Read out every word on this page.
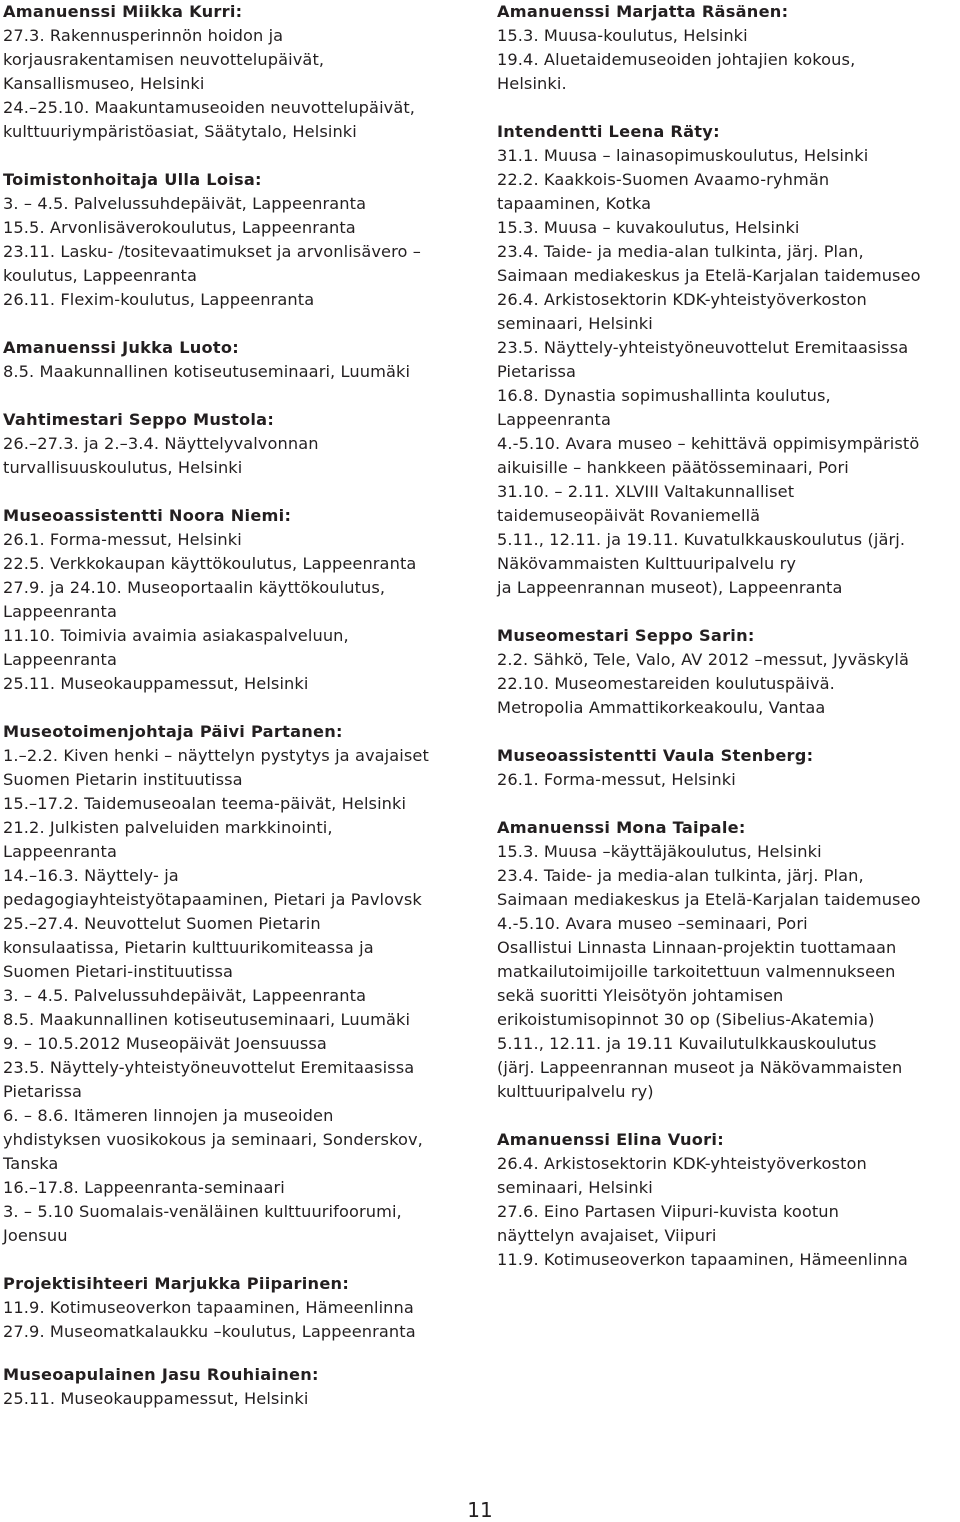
Amanuenssi Miikka Kurri:
27.3. Rakennusperinnön hoidon ja
korjausrakentamisen neuvottelupäivät,
Kansallismuseo, Helsinki
24.–25.10. Maakuntamuseoiden neuvottelupäivät,
kulttuuriympäristöasiat, Säätytalo, Helsinki
Toimistonhoitaja Ulla Loisa:
3. – 4.5. Palvelussuhdepäivät, Lappeenranta
15.5. Arvonlisäverokoulutus, Lappeenranta
23.11. Lasku- /tositevaatimukset ja arvonlisävero –
koulutus, Lappeenranta
26.11. Flexim-koulutus, Lappeenranta
Amanuenssi Jukka Luoto:
8.5. Maakunnallinen kotiseutuseminaari, Luumäki
Vahtimestari Seppo Mustola:
26.–27.3. ja 2.–3.4. Näyttelyvalvonnan
turvallisuuskoulutus, Helsinki
Museoassistentti Noora Niemi:
26.1. Forma-messut, Helsinki
22.5. Verkkokaupan käyttökoulutus, Lappeenranta
27.9. ja 24.10. Museoportaalin käyttökoulutus,
Lappeenranta
11.10. Toimivia avaimia asiakaspalveluun,
Lappeenranta
25.11. Museokauppamessut, Helsinki
Museotoimenjohtaja Päivi Partanen:
1.–2.2. Kiven henki – näyttelyn pystytys ja avajaiset
Suomen Pietarin instituutissa
15.–17.2. Taidemuseoalan teema-päivät, Helsinki
21.2. Julkisten palveluiden markkinointi,
Lappeenranta
14.–16.3. Näyttely- ja
pedagogiayhteistyötapaaminen, Pietari ja Pavlovsk
25.–27.4. Neuvottelut Suomen Pietarin
konsulaatissa, Pietarin kulttuurikomiteassa ja
Suomen Pietari-instituutissa
3. – 4.5. Palvelussuhdepäivät, Lappeenranta
8.5. Maakunnallinen kotiseutuseminaari, Luumäki
9. – 10.5.2012 Museopäivät Joensuussa
23.5. Näyttely-yhteistyöneuvottelut Eremitaasissa
Pietarissa
6. – 8.6. Itämeren linnojen ja museoiden
yhdistyksen vuosikokous ja seminaari, Sonderskov,
Tanska
16.–17.8. Lappeenranta-seminaari
3. – 5.10 Suomalais-venäläinen kulttuurifoorumi,
Joensuu
Projektisihteeri Marjukka Piiparinen:
11.9. Kotimuseoverkon tapaaminen, Hämeenlinna
27.9. Museomatkalaukku –koulutus, Lappeenranta
Amanuenssi Marjatta Räsänen:
15.3. Muusa-koulutus, Helsinki
19.4. Aluetaidemuseoiden johtajien kokous,
Helsinki.
Intendentti Leena Räty:
31.1. Muusa – lainasopimuskoulutus, Helsinki
22.2. Kaakkois-Suomen Avaamo-ryhmän
tapaaminen, Kotka
15.3. Muusa – kuvakoulutus, Helsinki
23.4. Taide- ja media-alan tulkinta, järj. Plan,
Saimaan mediakeskus ja Etelä-Karjalan taidemuseo
26.4. Arkistosektorin KDK-yhteistyöverkoston
seminaari, Helsinki
23.5. Näyttely-yhteistyöneuvottelut Eremitaasissa
Pietarissa
16.8. Dynastia sopimushallinta koulutus,
Lappeenranta
4.-5.10. Avara museo – kehittävä oppimisympäristö
aikuisille – hankkeen päätösseminaari, Pori
31.10. – 2.11. XLVIII Valtakunnalliset
taidemuseopäivät Rovaniemellä
5.11., 12.11. ja 19.11. Kuvatulkkauskoulutus (järj.
Näkövammaisten Kulttuuripalvelu ry
ja Lappeenrannan museot), Lappeenranta
Museomestari Seppo Sarin:
2.2. Sähkö, Tele, Valo, AV 2012 –messut, Jyväskylä
22.10. Museomestareiden koulutuspäivä.
Metropolia Ammattikorkeakoulu, Vantaa
Museoassistentti Vaula Stenberg:
26.1. Forma-messut, Helsinki
Amanuenssi Mona Taipale:
15.3. Muusa –käyttäjäkoulutus, Helsinki
23.4. Taide- ja media-alan tulkinta, järj. Plan,
Saimaan mediakeskus ja Etelä-Karjalan taidemuseo
4.-5.10. Avara museo –seminaari, Pori
Osallistui Linnasta Linnaan-projektin tuottamaan
matkailutoimijoille tarkoitettuun valmennukseen
sekä suoritti Yleisötyön johtamisen
erikoistumisopinnot 30 op (Sibelius-Akatemia)
5.11., 12.11. ja 19.11 Kuvailutulkkauskoulutus
(järj. Lappeenrannan museot ja Näkövammaisten
kulttuuripalvelu ry)
Amanuenssi Elina Vuori:
26.4. Arkistosektorin KDK-yhteistyöverkoston
seminaari, Helsinki
27.6. Eino Partasen Viipuri-kuvista kootun
näyttelyn avajaiset, Viipuri
11.9. Kotimuseoverkon tapaaminen, Hämeenlinna
Museoapulainen Jasu Rouhiainen:
25.11. Museokauppamessut, Helsinki
11
